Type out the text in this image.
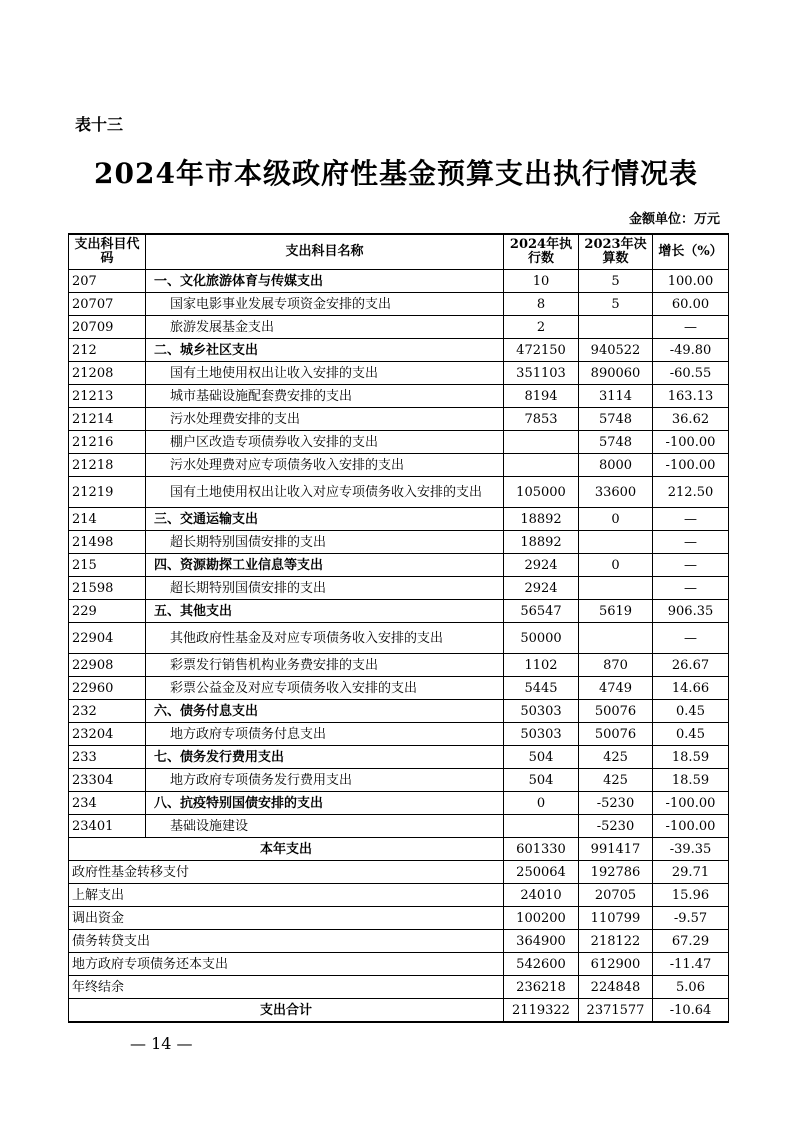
表十三
2024年市本级政府性基金预算支出执行情况表
金额单位：万元
支出科目代码	支出科目名称	2024年执行数	2023年决算数	增长（%）
207	一、文化旅游体育与传媒支出	10	5	100.00
20707	国家电影事业发展专项资金安排的支出	8	5	60.00
20709	旅游发展基金支出	2		—
212	二、城乡社区支出	472150	940522	-49.80
21208	国有土地使用权出让收入安排的支出	351103	890060	-60.55
21213	城市基础设施配套费安排的支出	8194	3114	163.13
21214	污水处理费安排的支出	7853	5748	36.62
21216	棚户区改造专项债券收入安排的支出		5748	-100.00
21218	污水处理费对应专项债务收入安排的支出		8000	-100.00
21219	国有土地使用权出让收入对应专项债务收入安排的支出	105000	33600	212.50
214	三、交通运输支出	18892	0	—
21498	超长期特别国债安排的支出	18892		—
215	四、资源勘探工业信息等支出	2924	0	—
21598	超长期特别国债安排的支出	2924		—
229	五、其他支出	56547	5619	906.35
22904	其他政府性基金及对应专项债务收入安排的支出	50000		—
22908	彩票发行销售机构业务费安排的支出	1102	870	26.67
22960	彩票公益金及对应专项债务收入安排的支出	5445	4749	14.66
232	六、债务付息支出	50303	50076	0.45
23204	地方政府专项债务付息支出	50303	50076	0.45
233	七、债务发行费用支出	504	425	18.59
23304	地方政府专项债务发行费用支出	504	425	18.59
234	八、抗疫特别国债安排的支出	0	-5230	-100.00
23401	基础设施建设		-5230	-100.00
本年支出		601330	991417	-39.35
政府性基金转移支付		250064	192786	29.71
上解支出		24010	20705	15.96
调出资金		100200	110799	-9.57
债务转贷支出		364900	218122	67.29
地方政府专项债务还本支出		542600	612900	-11.47
年终结余		236218	224848	5.06
支出合计		2119322	2371577	-10.64
— 14 —
